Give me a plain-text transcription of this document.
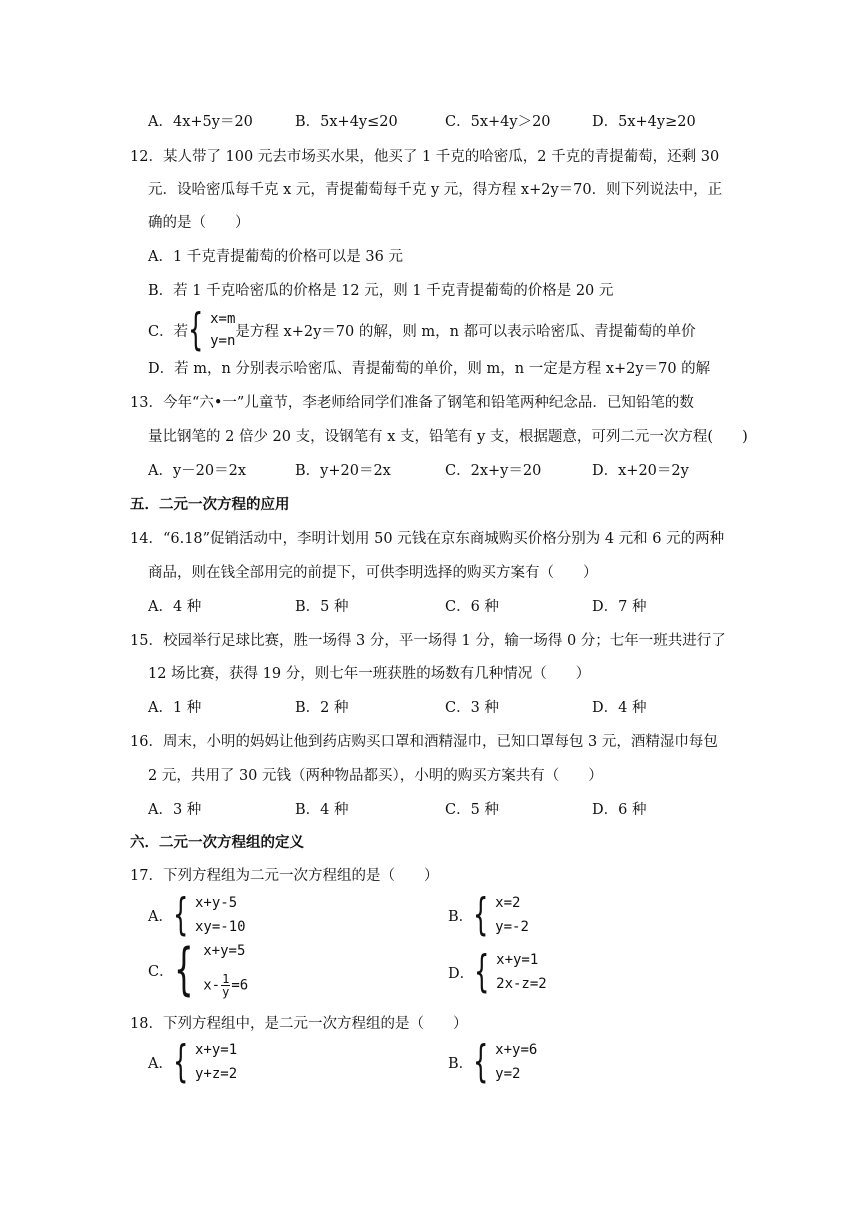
A．4x+5y＝20	B．5x+4y≤20	C．5x+4y＞20	D．5x+4y≥20
12．某人带了 100 元去市场买水果，他买了 1 千克的哈密瓜，2 千克的青提葡萄，还剩 30
元．设哈密瓜每千克 x 元，青提葡萄每千克 y 元，得方程 x+2y＝70．则下列说法中，正
确的是（　　）
A．1 千克青提葡萄的价格可以是 36 元
B．若 1 千克哈密瓜的价格是 12 元，则 1 千克青提葡萄的价格是 20 元
C．若 { x=m
y=n
是方程 x+2y＝70 的解，则 m，n 都可以表示哈密瓜、青提葡萄的单价
D．若 m，n 分别表示哈密瓜、青提葡萄的单价，则 m，n 一定是方程 x+2y＝70 的解
13．今年“六•一”儿童节，李老师给同学们准备了钢笔和铅笔两种纪念品．已知铅笔的数
量比钢笔的 2 倍少 20 支，设钢笔有 x 支，铅笔有 y 支，根据题意，可列二元一次方程(　　)
A．y－20＝2x	B．y+20＝2x	C．2x+y＝20	D．x+20＝2y
五．二元一次方程的应用
14．“6.18”促销活动中，李明计划用 50 元钱在京东商城购买价格分别为 4 元和 6 元的两种
商品，则在钱全部用完的前提下，可供李明选择的购买方案有（　　）
A．4 种	B．5 种	C．6 种	D．7 种
15．校园举行足球比赛，胜一场得 3 分，平一场得 1 分，输一场得 0 分；七年一班共进行了
12 场比赛，获得 19 分，则七年一班获胜的场数有几种情况（　　）
A．1 种	B．2 种	C．3 种	D．4 种
16．周末，小明的妈妈让他到药店购买口罩和酒精湿巾，已知口罩每包 3 元，酒精湿巾每包
2 元，共用了 30 元钱（两种物品都买），小明的购买方案共有（　　）
A．3 种	B．4 种	C．5 种	D．6 种
六．二元一次方程组的定义
17．下列方程组为二元一次方程组的是（　　）
A． { x+y-5
xy=-10
B． { x=2
y=-2
C． { x+y=5
$x- \frac{1}{y} =6$
D． { x+y=1
2x-z=2
18．下列方程组中，是二元一次方程组的是（　　）
A． { x+y=1
y+z=2
B． { x+y=6
y=2
